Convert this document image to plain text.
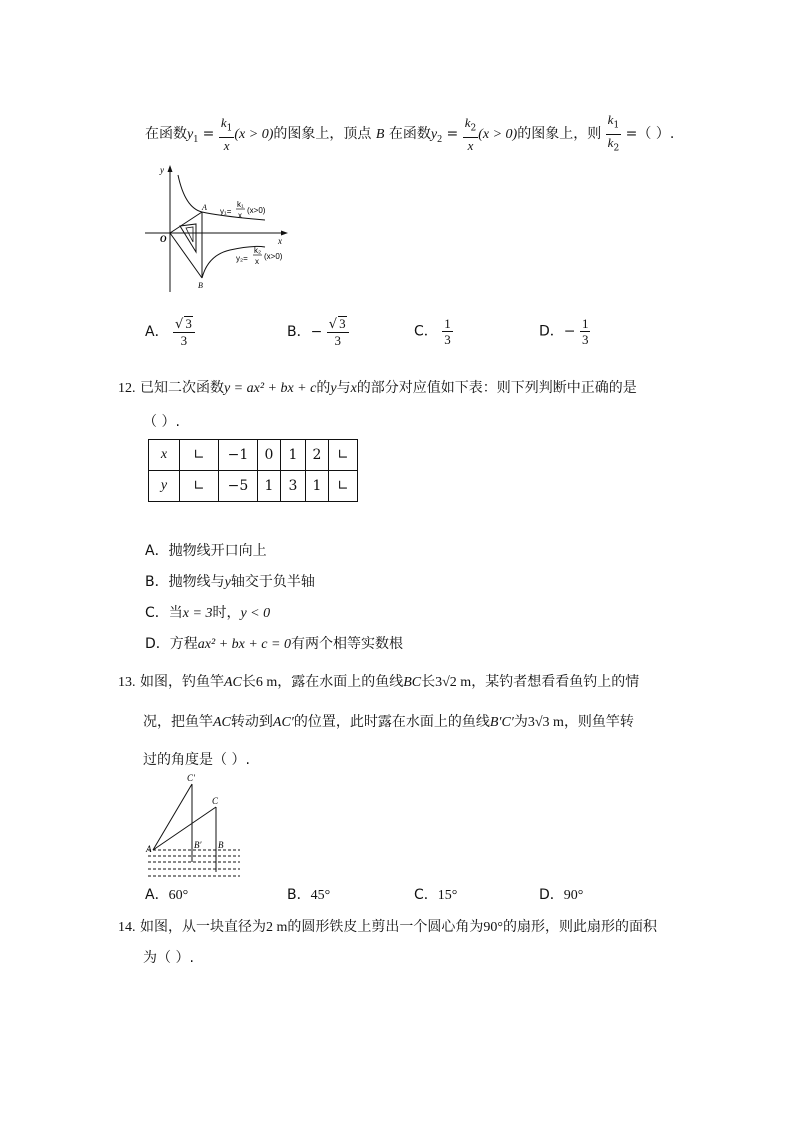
在函数$y_1 = \frac{k_1}{x} (x > 0)$的图象上，顶点 B 在函数$y_2 = \frac{k_2}{x} (x > 0)$的图象上，则 $\frac{k_1}{k_2}$ =（ ）.
y
x
O
A
B
y₁=
k₁
x
(x>0)
y₂=
k₂
x
(x>0)
A． $\frac{√ 3}{3}$	B．− $\frac{√ 3}{3}$	C． $\frac{1}{3}$	D．− $\frac{1}{3}$
12. 已知二次函数y = ax² + bx + c的y与x的部分对应值如下表：则下列判断中正确的是
（ ）.
x	∟	−1	0	1	2	∟
y	∟	−5	1	3	1	∟
A．抛物线开口向上
B．抛物线与y轴交于负半轴
C．当x = 3时，y < 0
D．方程ax² + bx + c = 0有两个相等实数根
13. 如图，钓鱼竿AC长6 m，露在水面上的鱼线BC长3√2 m，某钓者想看看鱼钓上的情
况，把鱼竿AC转动到AC′的位置，此时露在水面上的鱼线B′C′为3√3 m，则鱼竿转
过的角度是（ ）.
C′
C
A	B′ B
A．60°	B．45°	C．15°	D．90°
14. 如图，从一块直径为2 m的圆形铁皮上剪出一个圆心角为90°的扇形，则此扇形的面积
为（ ）.
